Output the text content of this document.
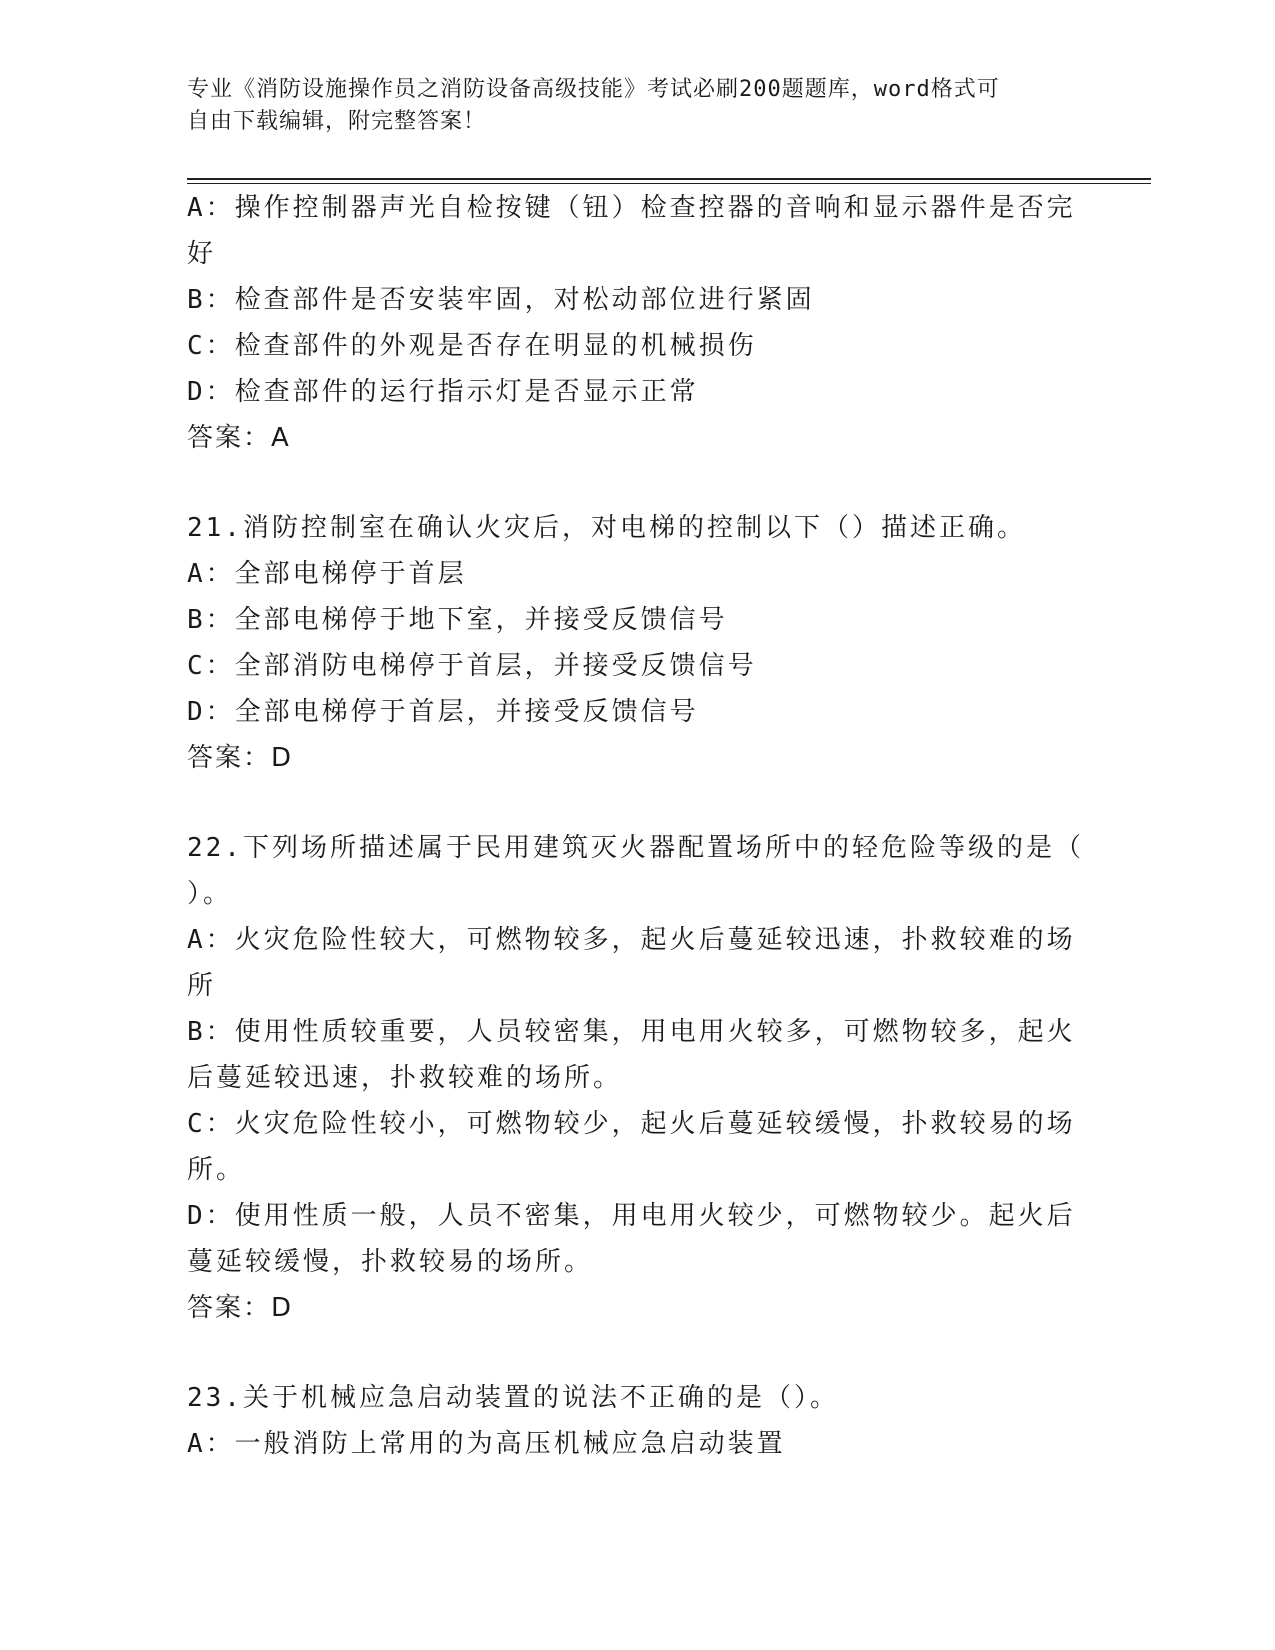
专业《消防设施操作员之消防设备高级技能》考试必刷200题题库，word格式可
自由下载编辑，附完整答案！
A：操作控制器声光自检按键（钮）检查控器的音响和显示器件是否完
好
B：检查部件是否安装牢固，对松动部位进行紧固
C：检查部件的外观是否存在明显的机械损伤
D：检查部件的运行指示灯是否显示正常
答案：A
21.消防控制室在确认火灾后，对电梯的控制以下（）描述正确。
A：全部电梯停于首层
B：全部电梯停于地下室，并接受反馈信号
C：全部消防电梯停于首层，并接受反馈信号
D：全部电梯停于首层，并接受反馈信号
答案：D
22.下列场所描述属于民用建筑灭火器配置场所中的轻危险等级的是（
）。
A：火灾危险性较大，可燃物较多，起火后蔓延较迅速，扑救较难的场
所
B：使用性质较重要，人员较密集，用电用火较多，可燃物较多，起火
后蔓延较迅速，扑救较难的场所。
C：火灾危险性较小，可燃物较少，起火后蔓延较缓慢，扑救较易的场
所。
D：使用性质一般，人员不密集，用电用火较少，可燃物较少。起火后
蔓延较缓慢，扑救较易的场所。
答案：D
23.关于机械应急启动装置的说法不正确的是（）。
A：一般消防上常用的为高压机械应急启动装置
